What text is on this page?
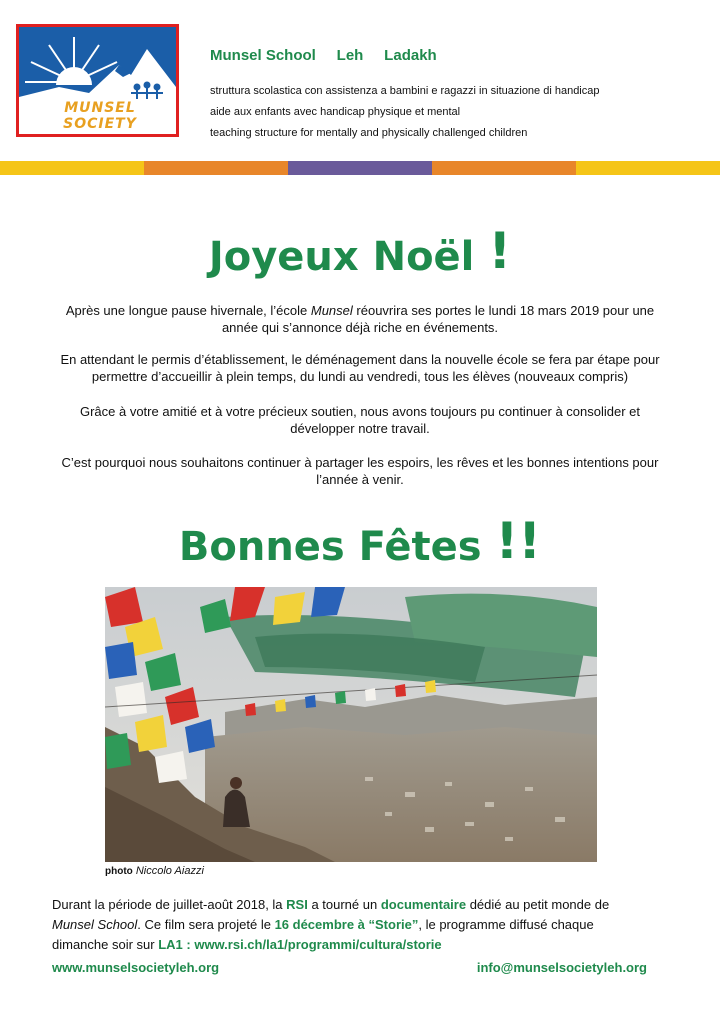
MUNSEL SOCIETY

Munsel School     Leh     Ladakh

struttura scolastica con assistenza a bambini e ragazzi in situazione di handicap

aide aux enfants avec handicap physique et mental

teaching structure for mentally and physically challenged children

Joyeux Noël !

Après une longue pause hivernale, l’école Munsel réouvrira ses portes le lundi 18 mars 2019 pour une année qui s’annonce déjà riche en événements.

En attendant le permis d’établissement, le déménagement dans la nouvelle école se fera par étape pour permettre d’accueillir à plein temps, du lundi au vendredi, tous les élèves (nouveaux compris)

Grâce à votre amitié et à votre précieux soutien, nous avons toujours pu continuer à consolider et développer notre travail.

C’est pourquoi nous souhaitons continuer à partager les espoirs, les rêves et les bonnes intentions pour l’année à venir.

Bonnes Fêtes !!

photo Niccolo Aiazzi

Durant la période de juillet-août 2018, la RSI a tourné un documentaire dédié au petit monde de
Munsel School. Ce film sera projeté le 16 décembre à “Storie”, le programme diffusé chaque dimanche soir sur LA1 : www.rsi.ch/la1/programmi/cultura/storie

www.munselsocietyleh.org	info@munselsocietyleh.org
